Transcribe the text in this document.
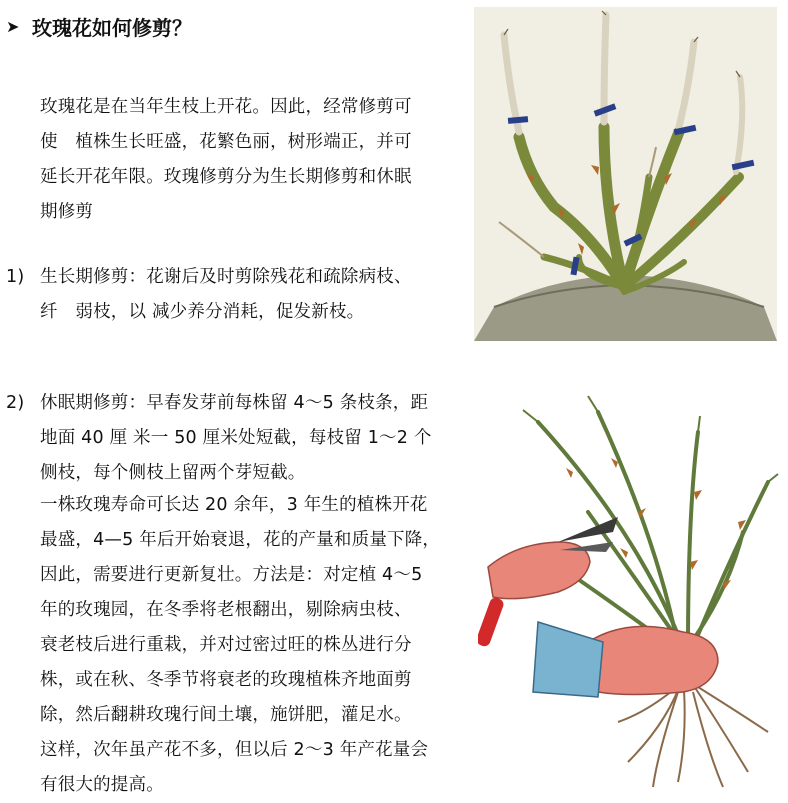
➤ 玫瑰花如何修剪？
玫瑰花是在当年生枝上开花。因此，经常修剪可
使　植株生长旺盛，花繁色丽，树形端正，并可
延长开花年限。玫瑰修剪分为生长期修剪和休眠
期修剪
1) 生长期修剪：花谢后及时剪除残花和疏除病枝、
纤　弱枝，以 减少养分消耗，促发新枝。
2) 休眠期修剪：早春发芽前每株留 4～5 条枝条，距
地面 40 厘 米一 50 厘米处短截，每枝留 1～2 个
侧枝，每个侧枝上留两个芽短截。
一株玫瑰寿命可长达 20 余年，3 年生的植株开花
最盛，4—5 年后开始衰退，花的产量和质量下降，
因此，需要进行更新复壮。方法是：对定植 4～5
年的玫瑰园，在冬季将老根翻出，剔除病虫枝、
衰老枝后进行重栽，并对过密过旺的株丛进行分
株，或在秋、冬季节将衰老的玫瑰植株齐地面剪
除，然后翻耕玫瑰行间土壤，施饼肥，灌足水。
这样，次年虽产花不多，但以后 2～3 年产花量会
有很大的提高。
